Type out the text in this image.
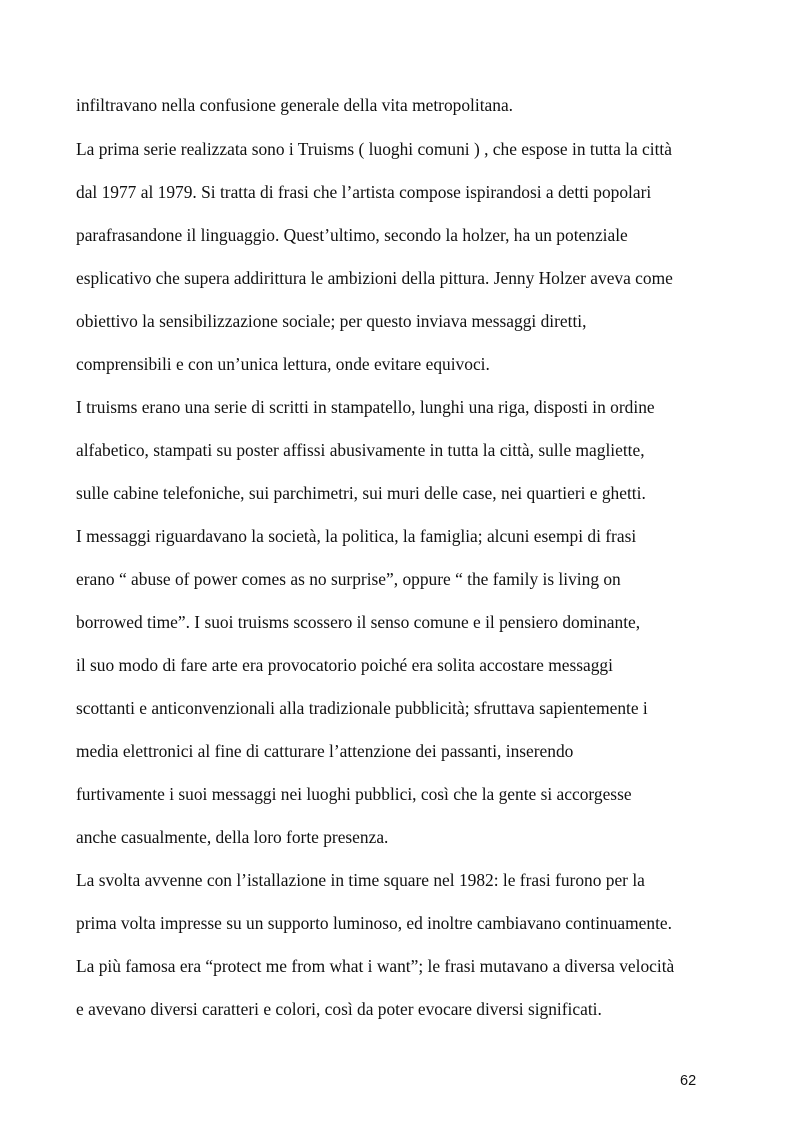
infiltravano nella confusione generale della vita metropolitana.
La prima serie realizzata sono i Truisms ( luoghi comuni ) , che espose in tutta la città
dal 1977 al 1979. Si tratta di frasi che l’artista compose ispirandosi a detti popolari
parafrasandone il linguaggio. Quest’ultimo, secondo la holzer, ha un potenziale
esplicativo che supera addirittura le ambizioni della pittura. Jenny Holzer aveva come
obiettivo la sensibilizzazione sociale; per questo inviava messaggi diretti,
comprensibili e con un’unica lettura, onde evitare equivoci.
I truisms erano una serie di scritti in stampatello, lunghi una riga, disposti in ordine
alfabetico, stampati su poster affissi abusivamente in tutta la città, sulle magliette,
sulle cabine telefoniche, sui parchimetri, sui muri delle case, nei quartieri e ghetti.
I messaggi riguardavano la società, la politica, la famiglia; alcuni esempi di frasi
erano “ abuse of power comes as no surprise”, oppure “ the family is living on
borrowed time”. I suoi truisms scossero il senso comune e il pensiero dominante,
il suo modo di fare arte era provocatorio poiché era solita accostare messaggi
scottanti e anticonvenzionali alla tradizionale pubblicità; sfruttava sapientemente i
media elettronici al fine di catturare l’attenzione dei passanti, inserendo
furtivamente i suoi messaggi nei luoghi pubblici, così che la gente si accorgesse
anche casualmente, della loro forte presenza.
La svolta avvenne con l’istallazione in time square nel 1982: le frasi furono per la
prima volta impresse su un supporto luminoso, ed inoltre cambiavano continuamente.
La più famosa era “protect me from what i want”; le frasi mutavano a diversa velocità
e avevano diversi caratteri e colori, così da poter evocare diversi significati.
62
